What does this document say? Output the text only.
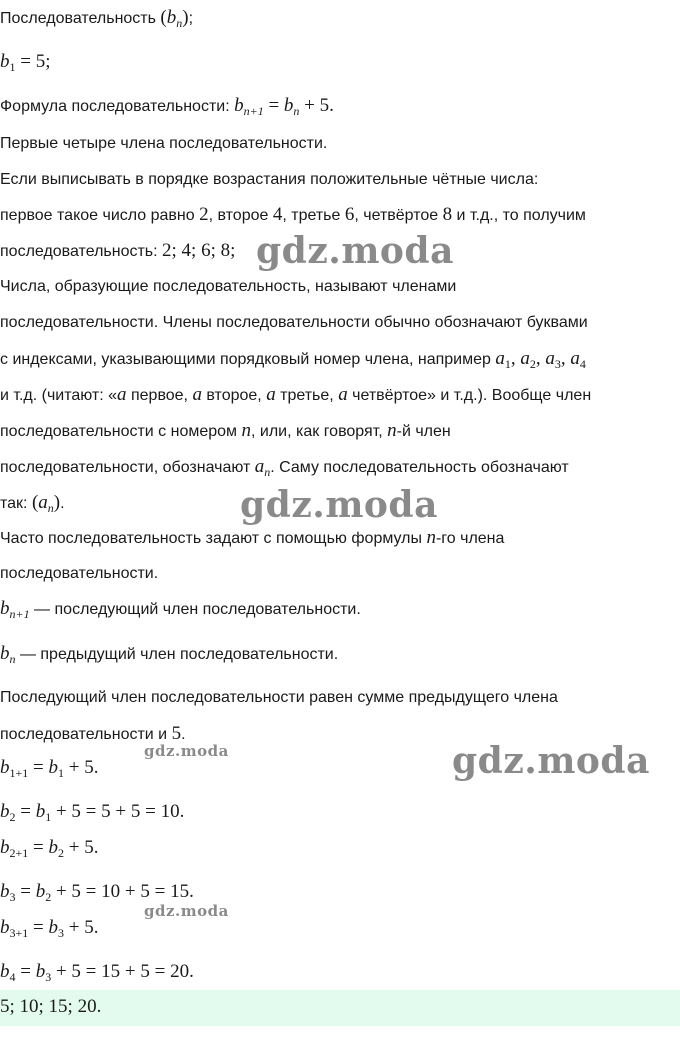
Последовательность $(b_n)$;
$b_1 = 5$;
Формула последовательности: $b_{n+1} = b_n + 5$.
Первые четыре члена последовательности.
Если выписывать в порядке возрастания положительные чётные числа:
первое такое число равно 2, второе 4, третье 6, четвёртое 8 и т.д., то получим
последовательность: 2; 4; 6; 8;
Числа, образующие последовательность, называют членами
последовательности. Члены последовательности обычно обозначают буквами
с индексами, указывающими порядковый номер члена, например $a_1$, $a_2$, $a_3$, $a_4$
и т.д. (читают: «a первое, a второе, a третье, a четвёртое» и т.д.). Вообще член
последовательности с номером n, или, как говорят, n-й член
последовательности, обозначают $a_n$. Саму последовательность обозначают
так: $(a_n)$.
Часто последовательность задают с помощью формулы n-го члена
последовательности.
$b_{n+1}$ — последующий член последовательности.
$b_n$ — предыдущий член последовательности.
Последующий член последовательности равен сумме предыдущего члена
последовательности и 5.
$b_{1+1} = b_1 + 5$.
$b_2 = b_1 + 5 = 5 + 5 = 10$.
$b_{2+1} = b_2 + 5$.
$b_3 = b_2 + 5 = 10 + 5 = 15$.
$b_{3+1} = b_3 + 5$.
$b_4 = b_3 + 5 = 15 + 5 = 20$.
5; 10; 15; 20.
gdz.moda
gdz.moda
gdz.moda
gdz.moda
gdz.moda
